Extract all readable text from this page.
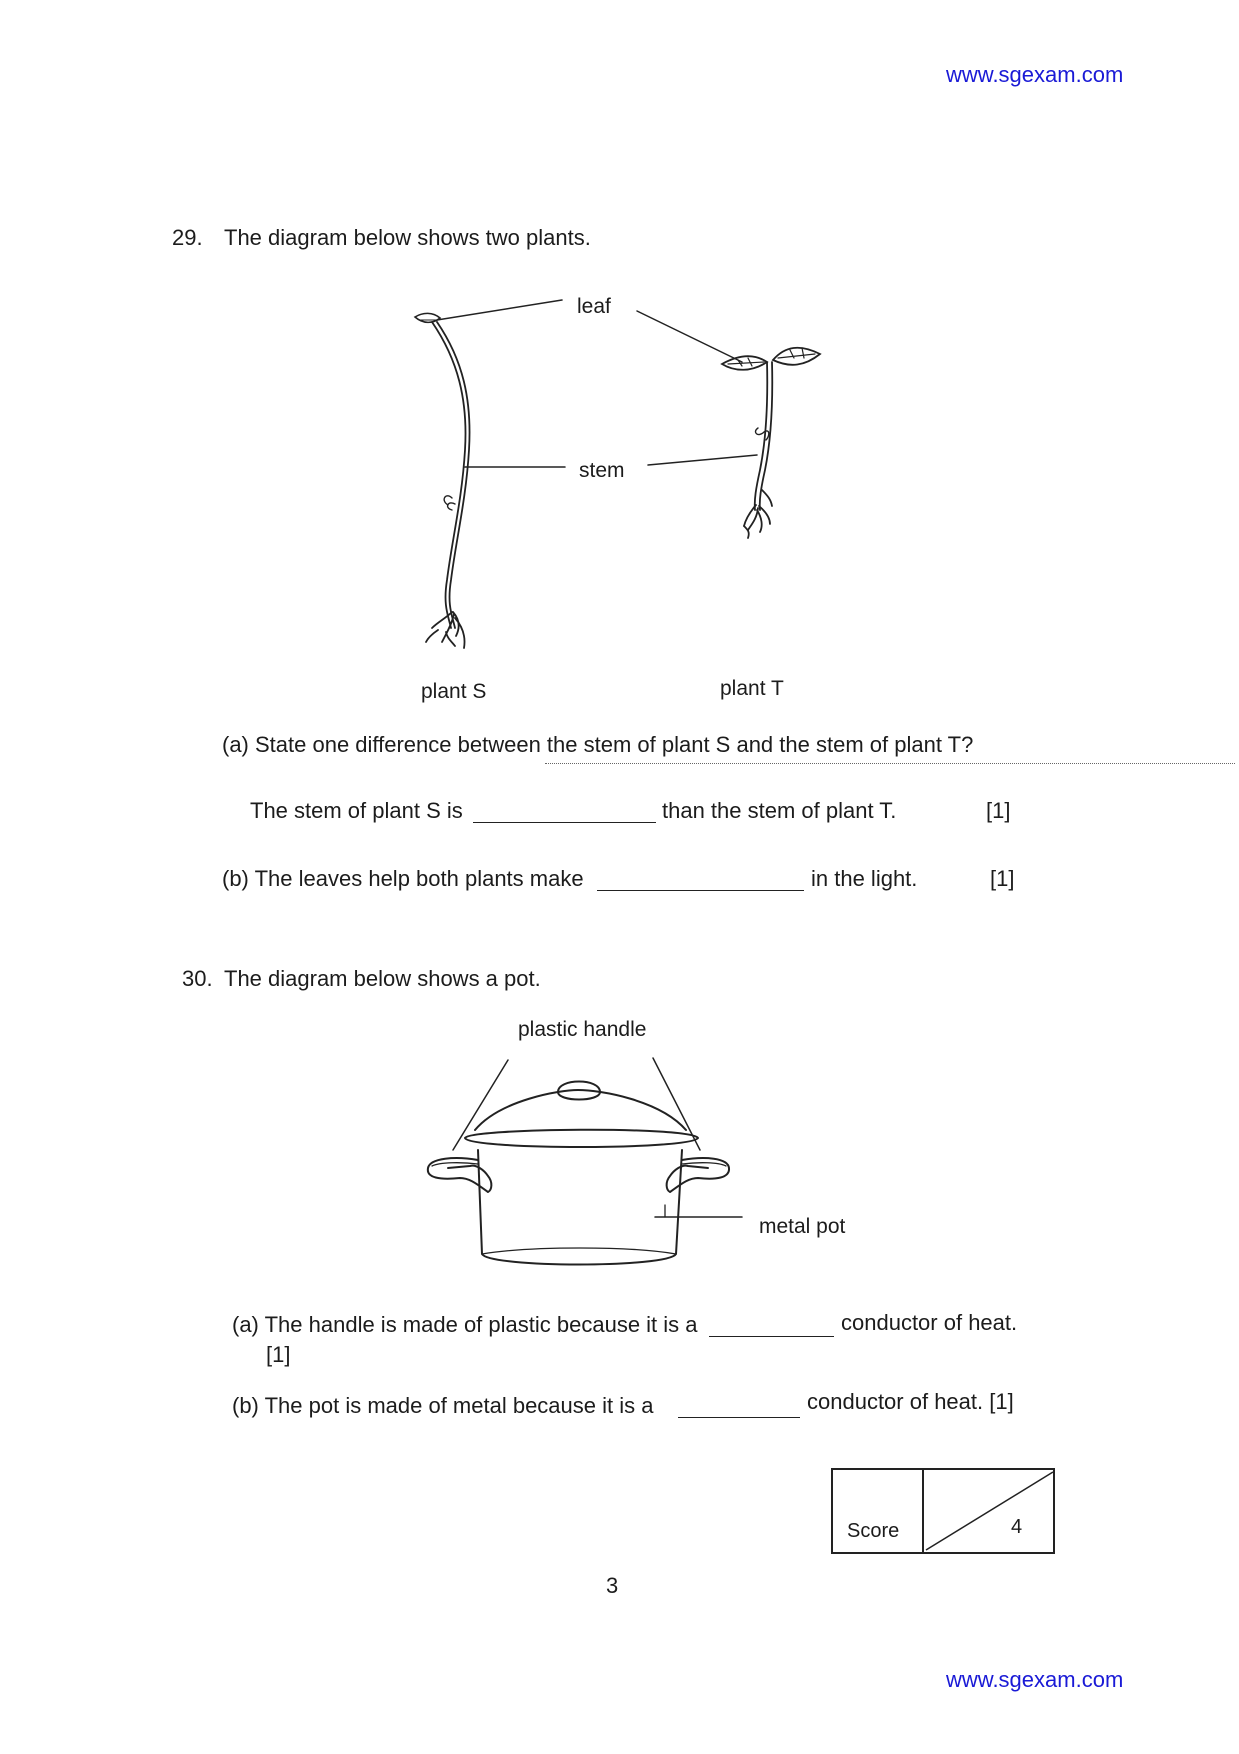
www.sgexam.com
29. The diagram below shows two plants.
leaf
stem
plant S	plant T
(a) State one difference between the stem of plant S and the stem of plant T?
The stem of plant S is	than the stem of plant T.	[1]
(b) The leaves help both plants make	in the light.	[1]
30. The diagram below shows a pot.
plastic handle
metal pot
(a) The handle is made of plastic because it is a	conductor of heat.
[1]
(b) The pot is made of metal because it is a	conductor of heat. [1]
Score	4
3
www.sgexam.com
